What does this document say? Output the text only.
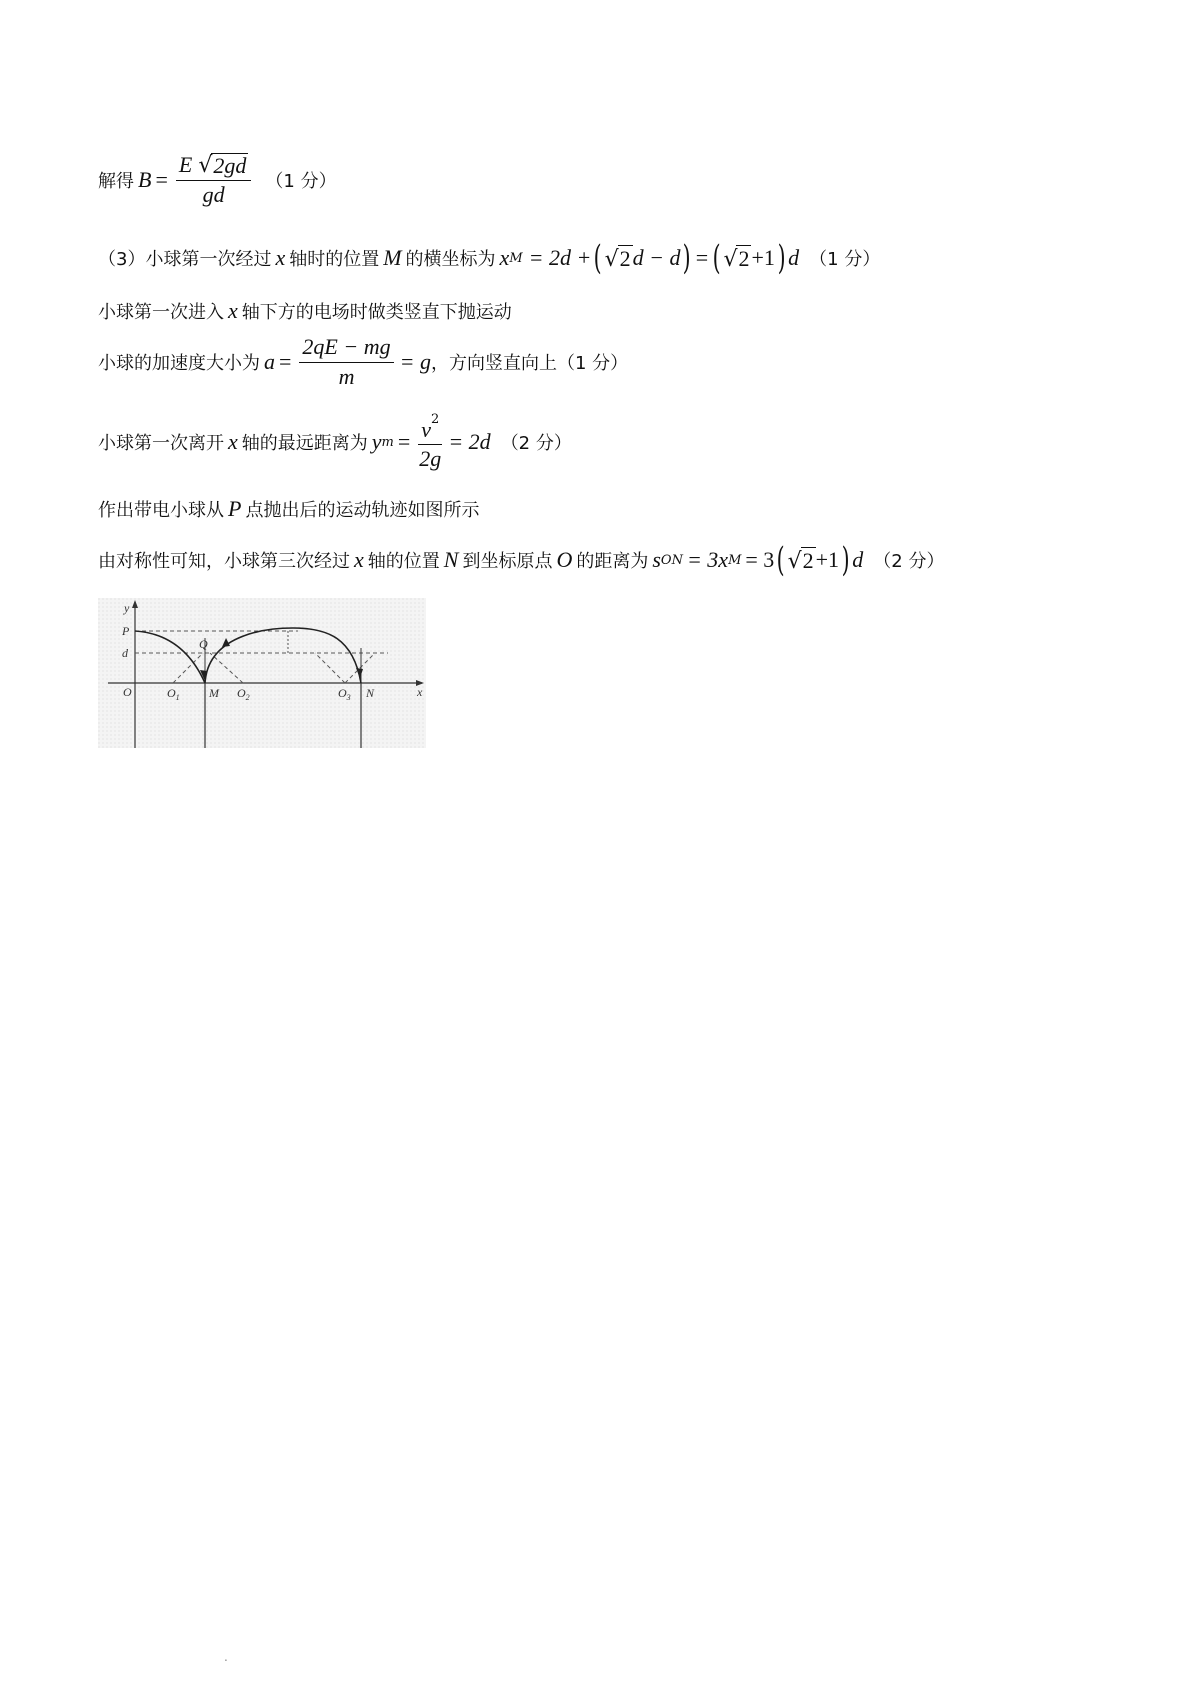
解得 $B = \frac{E √ 2gd}{gd} (1$ 分）
（3）小球第一次经过 x 轴时的位置 M 的横坐标为 x M = 2d + ( √ 2 d − d ) = ( √ 2 +1 ) d （1 分）
小球第一次进入 x 轴下方的电场时做类竖直下抛运动
小球的加速度大小为 $a = \frac{2qE - mg}{m} = g$ ，方向竖直向上（1 分）
小球第一次离开 x 轴的最远距离为 y $m = \frac{v^2}{2g} = 2d$ （2 分）
作出带电小球从 P 点抛出后的运动轨迹如图所示
由对称性可知，小球第三次经过 x 轴的位置 N 到坐标原点 O 的距离为 s ON = 3x M = 3 ( √ 2 +1 ) d （2 分）
y
x
P
d
Q
O	$O_1$ M $O_2$	$O_3$ N
.
